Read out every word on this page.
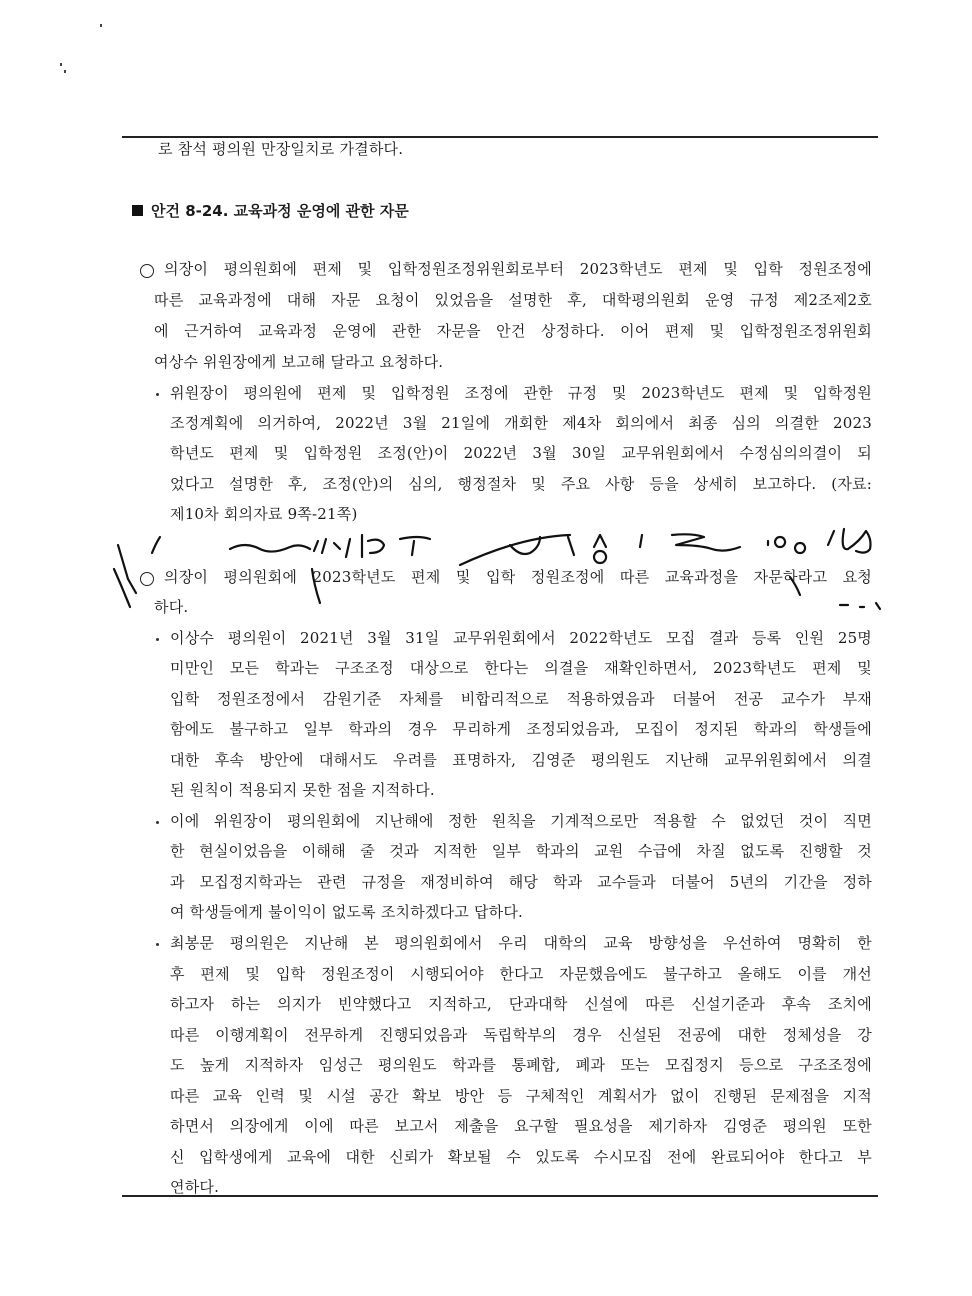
로 참석 평의원 만장일치로 가결하다.
안건 8-24. 교육과정 운영에 관한 자문
의장이 평의원회에 편제 및 입학정원조정위원회로부터 2023학년도 편제 및 입학 정원조정에
따른 교육과정에 대해 자문 요청이 있었음을 설명한 후, 대학평의원회 운영 규정 제2조제2호
에 근거하여 교육과정 운영에 관한 자문을 안건 상정하다. 이어 편제 및 입학정원조정위원회
여상수 위원장에게 보고해 달라고 요청하다.
위원장이 평의원에 편제 및 입학정원 조정에 관한 규정 및 2023학년도 편제 및 입학정원
조정계획에 의거하여, 2022년 3월 21일에 개회한 제4차 회의에서 최종 심의 의결한 2023
학년도 편제 및 입학정원 조정(안)이 2022년 3월 30일 교무위원회에서 수정심의의결이 되
었다고 설명한 후, 조정(안)의 심의, 행정절차 및 주요 사항 등을 상세히 보고하다. (자료:
제10차 회의자료 9쪽-21쪽)
의장이 평의원회에 2023학년도 편제 및 입학 정원조정에 따른 교육과정을 자문하라고 요청
하다.
이상수 평의원이 2021년 3월 31일 교무위원회에서 2022학년도 모집 결과 등록 인원 25명
미만인 모든 학과는 구조조정 대상으로 한다는 의결을 재확인하면서, 2023학년도 편제 및
입학 정원조정에서 감원기준 자체를 비합리적으로 적용하였음과 더불어 전공 교수가 부재
함에도 불구하고 일부 학과의 경우 무리하게 조정되었음과, 모집이 정지된 학과의 학생들에
대한 후속 방안에 대해서도 우려를 표명하자, 김영준 평의원도 지난해 교무위원회에서 의결
된 원칙이 적용되지 못한 점을 지적하다.
이에 위원장이 평의원회에 지난해에 정한 원칙을 기계적으로만 적용할 수 없었던 것이 직면
한 현실이었음을 이해해 줄 것과 지적한 일부 학과의 교원 수급에 차질 없도록 진행할 것
과 모집정지학과는 관련 규정을 재정비하여 해당 학과 교수들과 더불어 5년의 기간을 정하
여 학생들에게 불이익이 없도록 조치하겠다고 답하다.
최봉문 평의원은 지난해 본 평의원회에서 우리 대학의 교육 방향성을 우선하여 명확히 한
후 편제 및 입학 정원조정이 시행되어야 한다고 자문했음에도 불구하고 올해도 이를 개선
하고자 하는 의지가 빈약했다고 지적하고, 단과대학 신설에 따른 신설기준과 후속 조치에
따른 이행계획이 전무하게 진행되었음과 독립학부의 경우 신설된 전공에 대한 정체성을 강
도 높게 지적하자 임성근 평의원도 학과를 통폐합, 폐과 또는 모집정지 등으로 구조조정에
따른 교육 인력 및 시설 공간 확보 방안 등 구체적인 계획서가 없이 진행된 문제점을 지적
하면서 의장에게 이에 따른 보고서 제출을 요구할 필요성을 제기하자 김영준 평의원 또한
신 입학생에게 교육에 대한 신뢰가 확보될 수 있도록 수시모집 전에 완료되어야 한다고 부
연하다.
